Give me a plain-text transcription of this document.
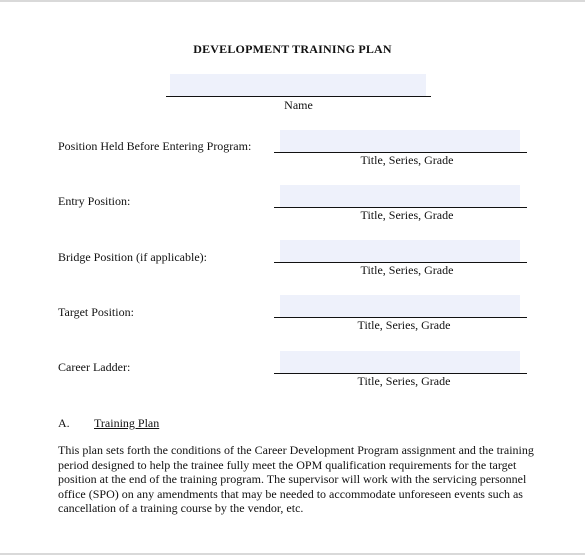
DEVELOPMENT TRAINING PLAN
Name
Position Held Before Entering Program:
Title, Series, Grade
Entry Position:
Title, Series, Grade
Bridge Position (if applicable):
Title, Series, Grade
Target Position:
Title, Series, Grade
Career Ladder:
Title, Series, Grade
A. Training Plan
This plan sets forth the conditions of the Career Development Program assignment and the training
period designed to help the trainee fully meet the OPM qualification requirements for the target
position at the end of the training program. The supervisor will work with the servicing personnel
office (SPO) on any amendments that may be needed to accommodate unforeseen events such as
cancellation of a training course by the vendor, etc.
